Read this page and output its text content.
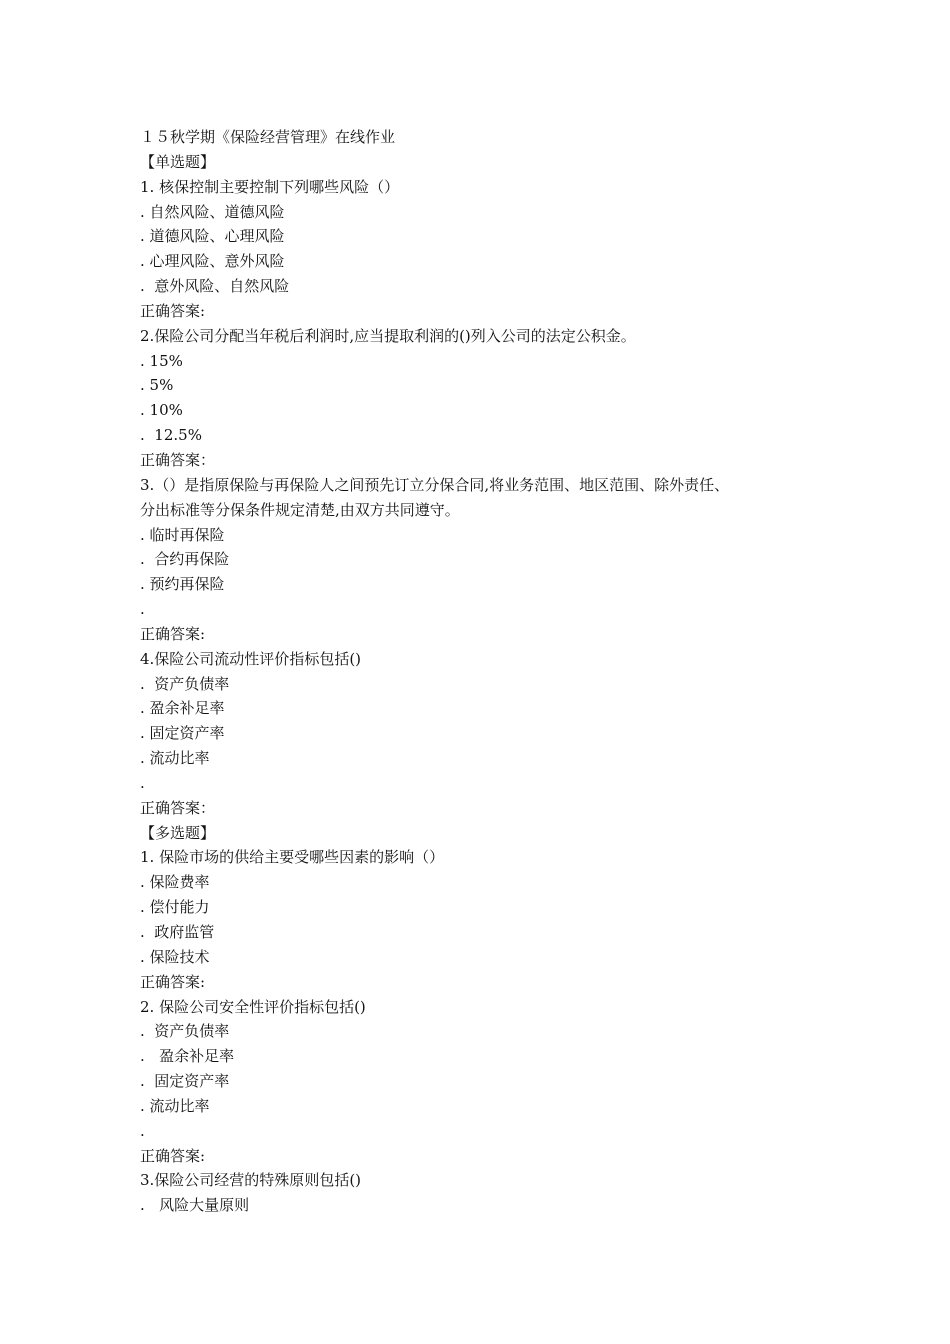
１５秋学期《保险经营管理》在线作业
【单选题】
1. 核保控制主要控制下列哪些风险（）
. 自然风险、道德风险
. 道德风险、心理风险
. 心理风险、意外风险
.  意外风险、自然风险
正确答案:
2.保险公司分配当年税后利润时,应当提取利润的()列入公司的法定公积金。
. 15%
. 5%
. 10%
.  12.5%
正确答案：
3.（）是指原保险与再保险人之间预先订立分保合同,将业务范围、地区范围、除外责任、
分出标准等分保条件规定清楚,由双方共同遵守。
. 临时再保险
.  合约再保险
. 预约再保险
.
正确答案:
4.保险公司流动性评价指标包括()
.  资产负债率
. 盈余补足率
. 固定资产率
. 流动比率
.
正确答案：
【多选题】
1. 保险市场的供给主要受哪些因素的影响（）
. 保险费率
. 偿付能力
.  政府监管
. 保险技术
正确答案:
2. 保险公司安全性评价指标包括()
.  资产负债率
.   盈余补足率
.  固定资产率
. 流动比率
.
正确答案:
3.保险公司经营的特殊原则包括()
.   风险大量原则
